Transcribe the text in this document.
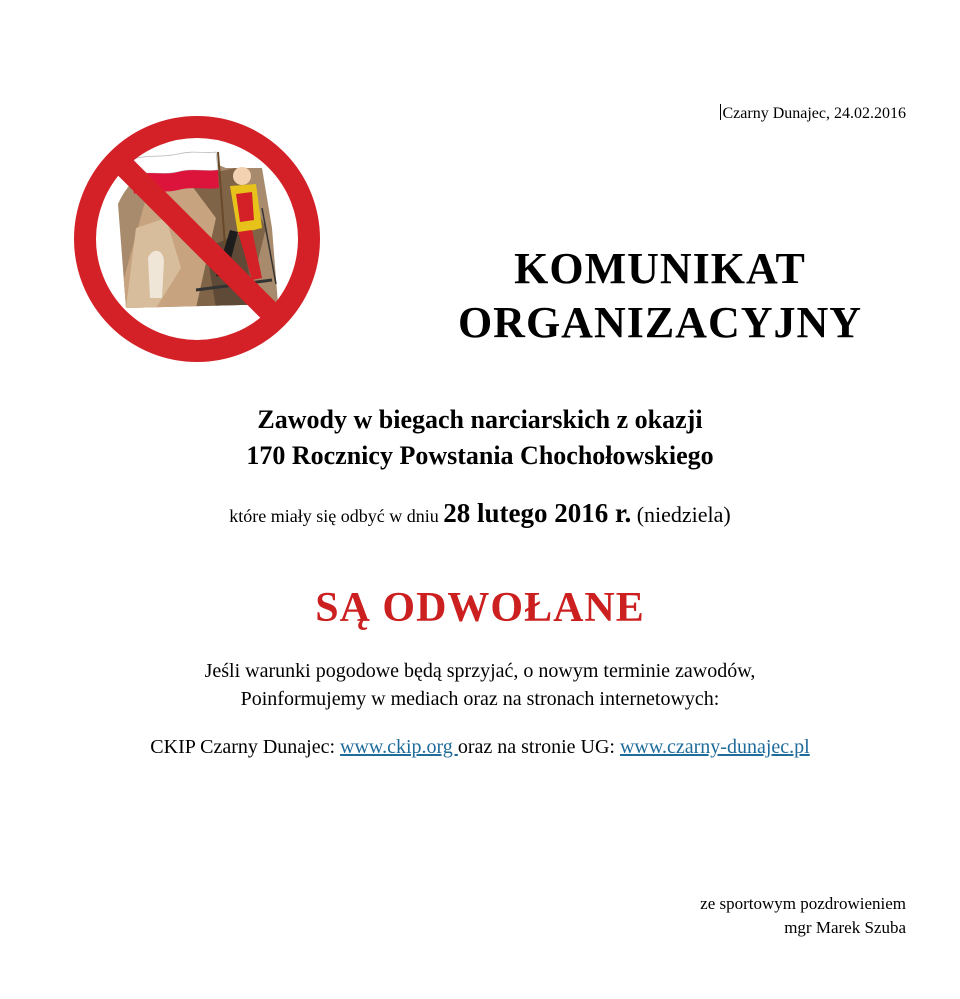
Czarny Dunajec, 24.02.2016
KOMUNIKAT
ORGANIZACYJNY
Zawody w biegach narciarskich z okazji
170 Rocznicy Powstania Chochołowskiego
które miały się odbyć w dniu 28 lutego 2016 r. (niedziela)
SĄ ODWOŁANE
Jeśli warunki pogodowe będą sprzyjać, o nowym terminie zawodów,
Poinformujemy w mediach oraz na stronach internetowych:
CKIP Czarny Dunajec: www.ckip.org oraz na stronie UG: www.czarny-dunajec.pl
ze sportowym pozdrowieniem
mgr Marek Szuba
